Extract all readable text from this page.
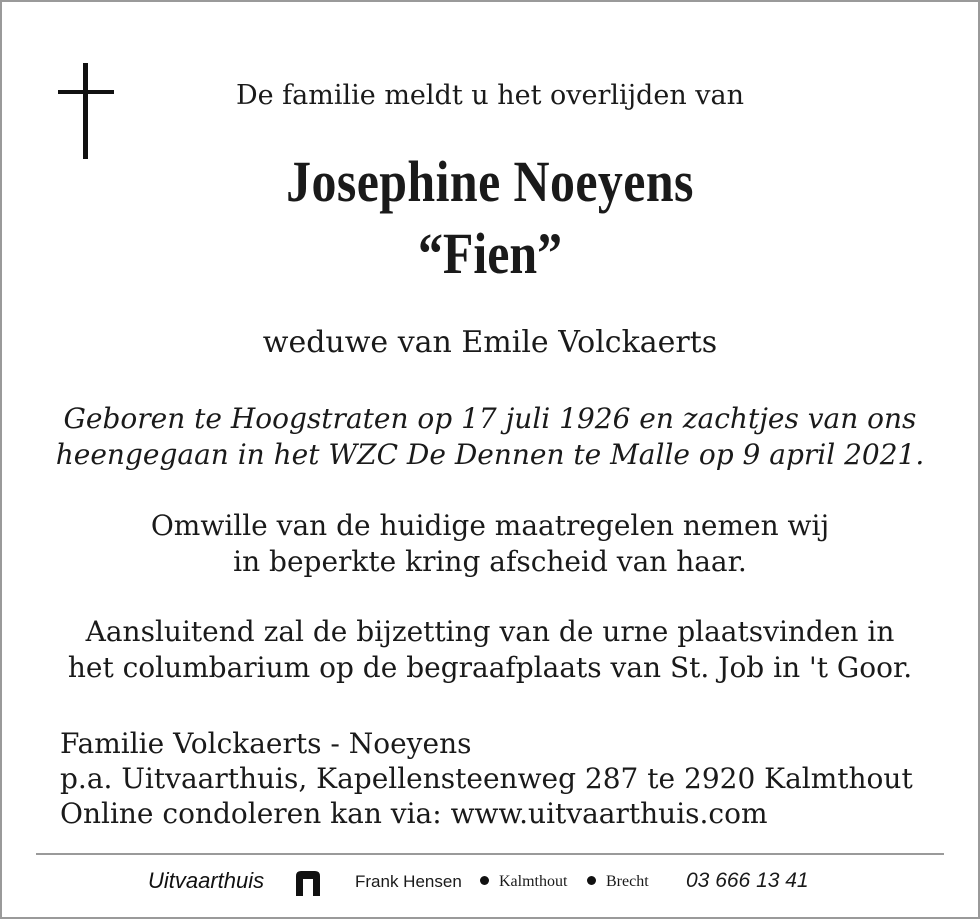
De familie meldt u het overlijden van
Josephine Noeyens
“Fien”
weduwe van Emile Volckaerts
Geboren te Hoogstraten op 17 juli 1926 en zachtjes van ons
heengegaan in het WZC De Dennen te Malle op 9 april 2021.
Omwille van de huidige maatregelen nemen wij
in beperkte kring afscheid van haar.
Aansluitend zal de bijzetting van de urne plaatsvinden in
het columbarium op de begraafplaats van St. Job in 't Goor.
Familie Volckaerts - Noeyens
p.a. Uitvaarthuis, Kapellensteenweg 287 te 2920 Kalmthout
Online condoleren kan via: www.uitvaarthuis.com
Uitvaarthuis	Frank Hensen Kalmthout Brecht 03 666 13 41
